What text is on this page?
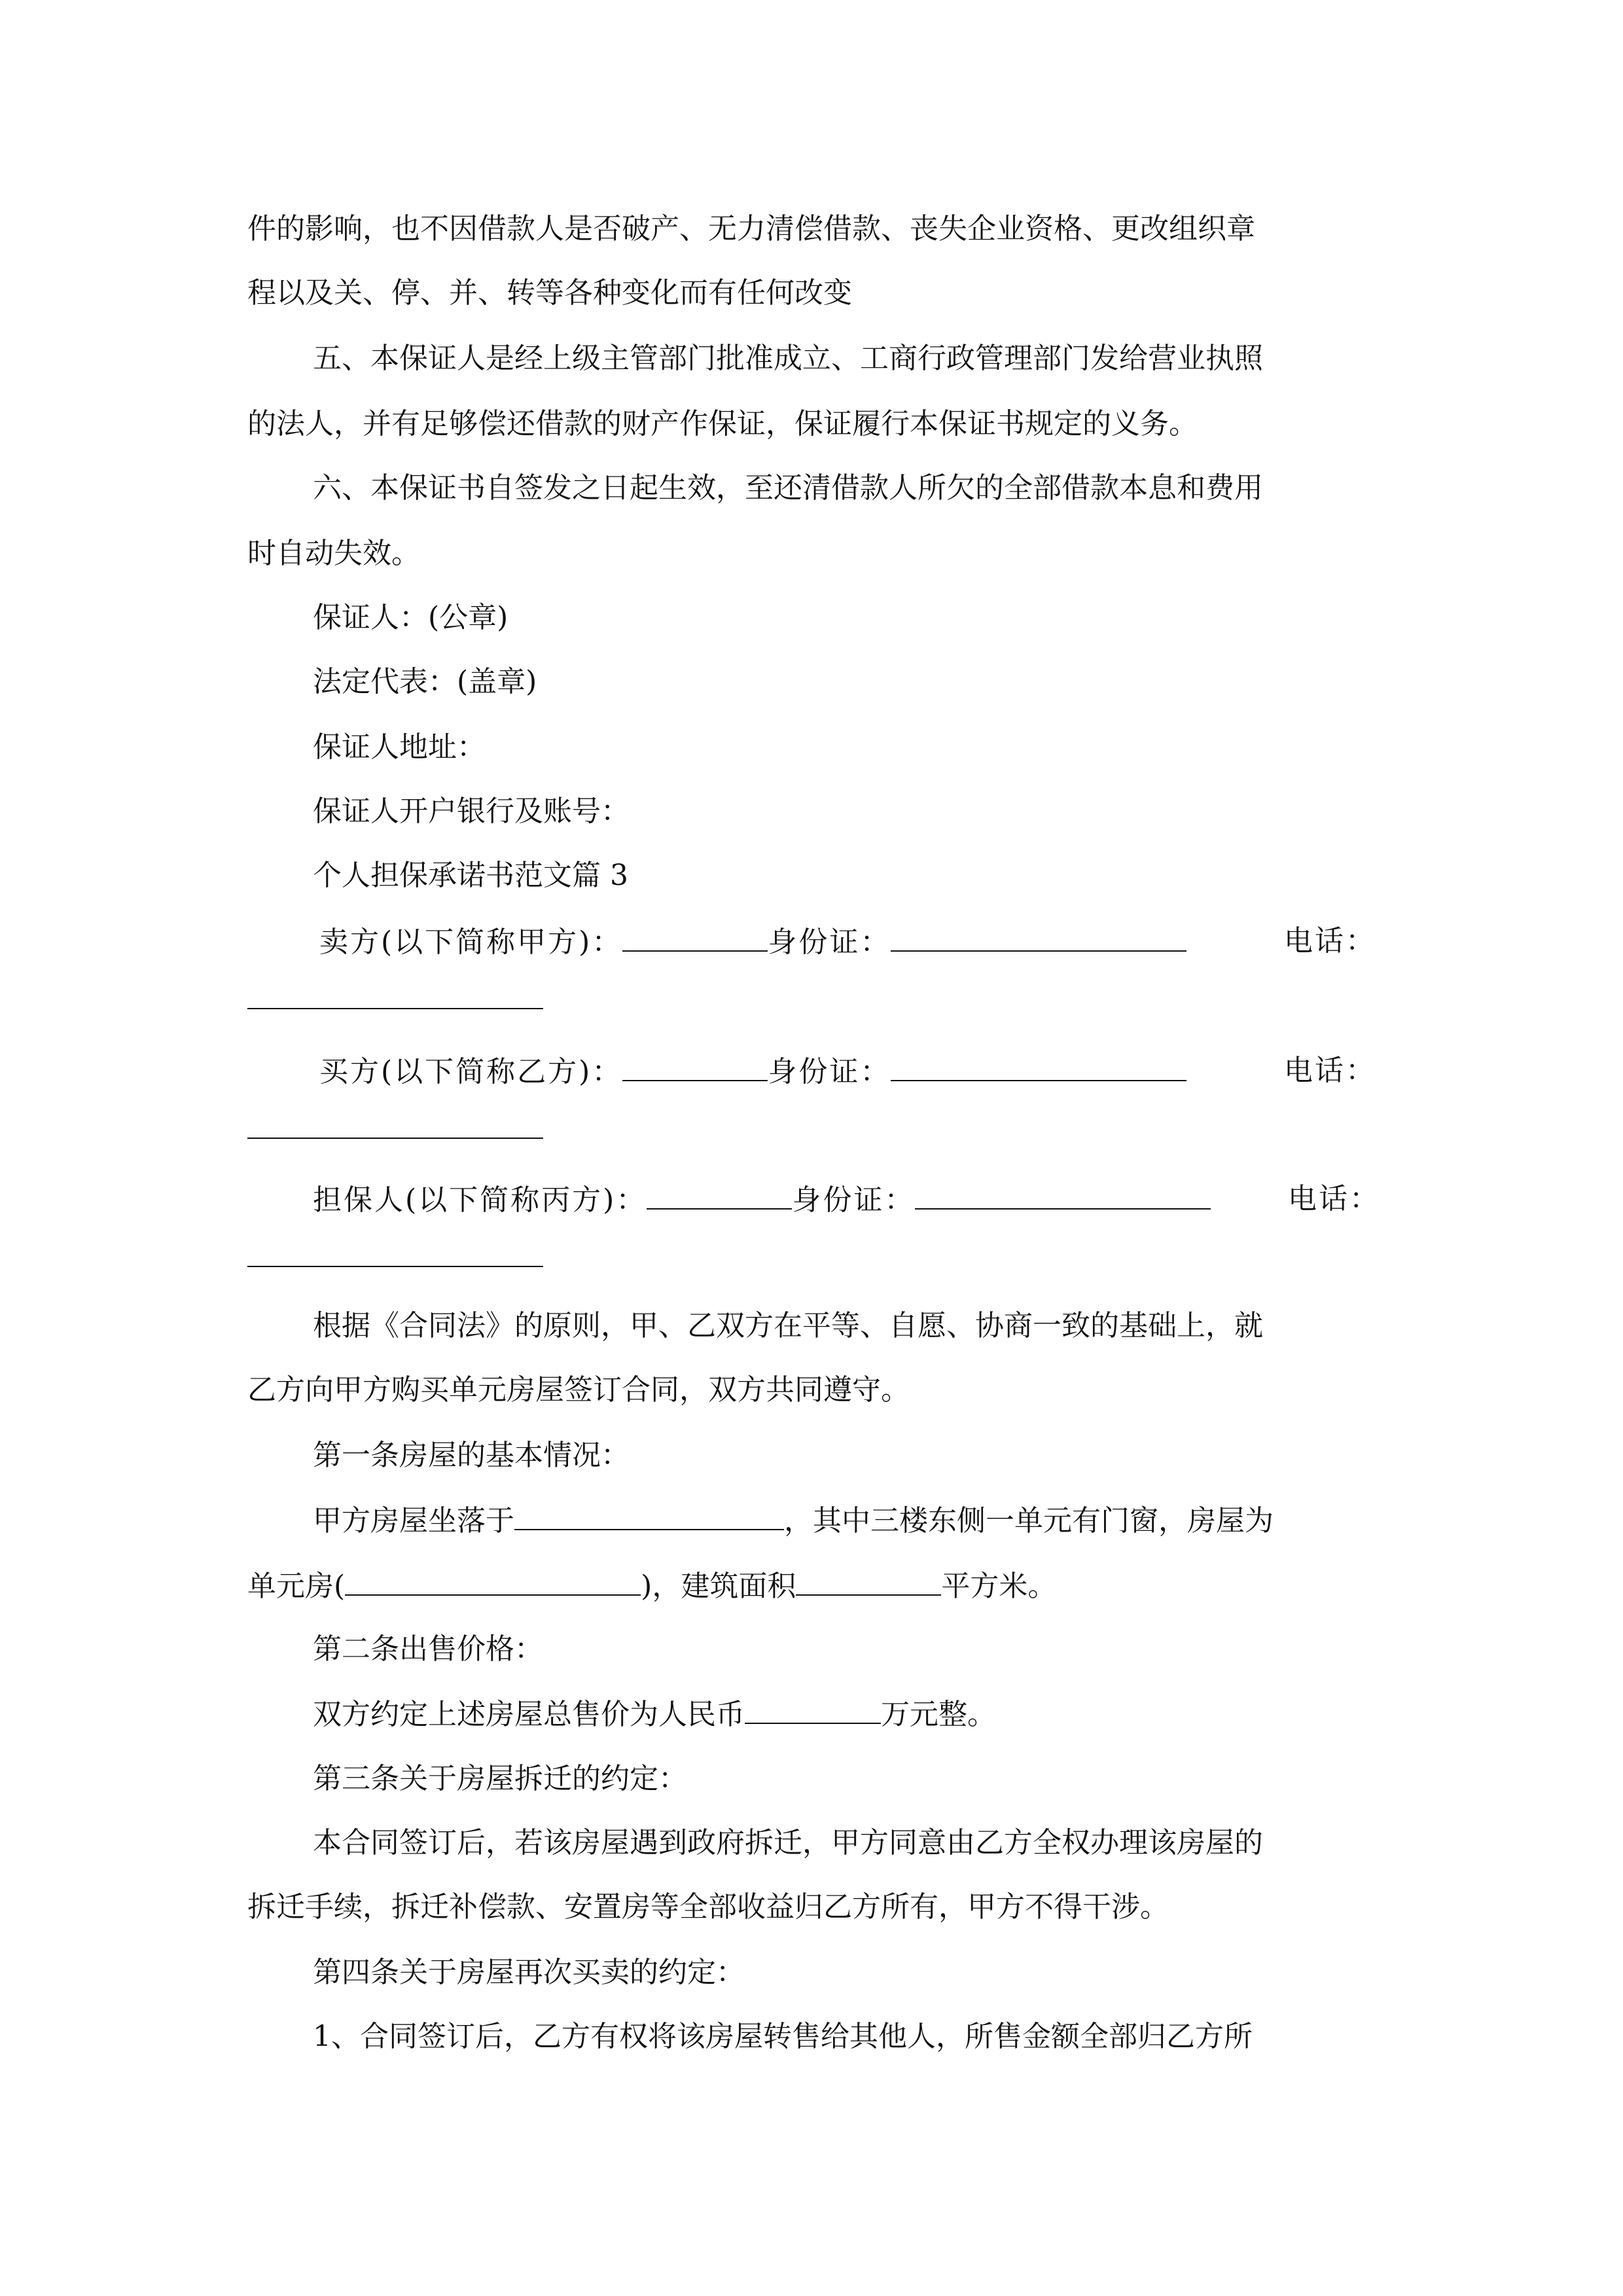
件的影响，也不因借款人是否破产、无力清偿借款、丧失企业资格、更改组织章
程以及关、停、并、转等各种变化而有任何改变
五、本保证人是经上级主管部门批准成立、工商行政管理部门发给营业执照
的法人，并有足够偿还借款的财产作保证，保证履行本保证书规定的义务。
六、本保证书自签发之日起生效，至还清借款人所欠的全部借款本息和费用
时自动失效。
保证人：(公章)
法定代表：(盖章)
保证人地址：
保证人开户银行及账号：
个人担保承诺书范文篇 3
卖方(以下简称甲方)：	身份证：	电话：
买方(以下简称乙方)：	身份证：	电话：
担保人(以下简称丙方)：	身份证：	电话：
根据《合同法》的原则，甲、乙双方在平等、自愿、协商一致的基础上，就
乙方向甲方购买单元房屋签订合同，双方共同遵守。
第一条房屋的基本情况：
甲方房屋坐落于	，其中三楼东侧一单元有门窗，房屋为
单元房(	)，建筑面积	平方米。
第二条出售价格：
双方约定上述房屋总售价为人民币	万元整。
第三条关于房屋拆迁的约定：
本合同签订后，若该房屋遇到政府拆迁，甲方同意由乙方全权办理该房屋的
拆迁手续，拆迁补偿款、安置房等全部收益归乙方所有，甲方不得干涉。
第四条关于房屋再次买卖的约定：
1、合同签订后，乙方有权将该房屋转售给其他人，所售金额全部归乙方所
